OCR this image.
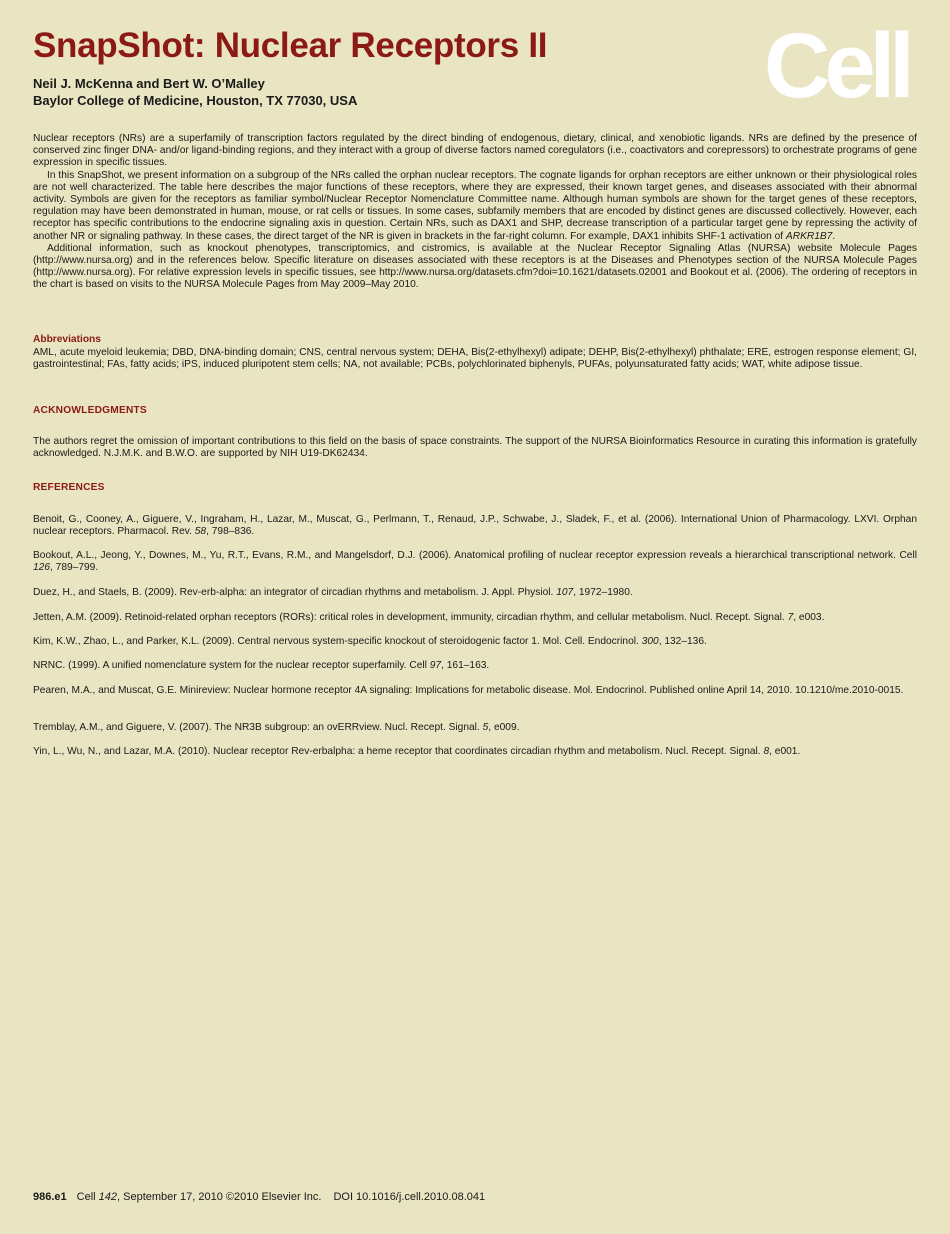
SnapShot: Nuclear Receptors II
Neil J. McKenna and Bert W. O’Malley
Baylor College of Medicine, Houston, TX 77030, USA	Cell

Nuclear receptors (NRs) are a superfamily of transcription factors regulated by the direct binding of endogenous, dietary, clinical, and xenobiotic ligands. NRs are defined by the presence of conserved zinc finger DNA- and/or ligand-binding regions, and they interact with a group of diverse factors named coregulators (i.e., coactivators and corepressors) to orchestrate programs of gene expression in specific tissues.

In this SnapShot, we present information on a subgroup of the NRs called the orphan nuclear receptors. The cognate ligands for orphan receptors are either unknown or their physiological roles are not well characterized. The table here describes the major functions of these receptors, where they are expressed, their known target genes, and diseases associated with their abnormal activity. Symbols are given for the receptors as familiar symbol/Nuclear Receptor Nomenclature Committee name. Although human symbols are shown for the target genes of these receptors, regulation may have been demonstrated in human, mouse, or rat cells or tissues. In some cases, subfamily members that are encoded by distinct genes are discussed collectively. However, each receptor has specific contributions to the endocrine signaling axis in question. Certain NRs, such as DAX1 and SHP, decrease transcription of a particular target gene by repressing the activity of another NR or signaling pathway. In these cases, the direct target of the NR is given in brackets in the far-right column. For example, DAX1 inhibits SHF-1 activation of ARKR1B7.

Additional information, such as knockout phenotypes, transcriptomics, and cistromics, is available at the Nuclear Receptor Signaling Atlas (NURSA) website Molecule Pages (http://www.nursa.org) and in the references below. Specific literature on diseases associated with these receptors is at the Diseases and Phenotypes section of the NURSA Molecule Pages (http://www.nursa.org). For relative expression levels in specific tissues, see http://www.nursa.org/datasets.cfm?doi=10.1621/datasets.02001 and Bookout et al. (2006). The ordering of receptors in the chart is based on visits to the NURSA Molecule Pages from May 2009–May 2010.

Abbreviations

AML, acute myeloid leukemia; DBD, DNA-binding domain; CNS, central nervous system; DEHA, Bis(2-ethylhexyl) adipate; DEHP, Bis(2-ethylhexyl) phthalate; ERE, estrogen response element; GI, gastrointestinal; FAs, fatty acids; iPS, induced pluripotent stem cells; NA, not available; PCBs, polychlorinated biphenyls, PUFAs, polyunsaturated fatty acids; WAT, white adipose tissue.

ACKNOWLEDGMENTS

The authors regret the omission of important contributions to this field on the basis of space constraints. The support of the NURSA Bioinformatics Resource in curating this information is gratefully acknowledged. N.J.M.K. and B.W.O. are supported by NIH U19-DK62434.

REFERENCES

Benoit, G., Cooney, A., Giguere, V., Ingraham, H., Lazar, M., Muscat, G., Perlmann, T., Renaud, J.P., Schwabe, J., Sladek, F., et al. (2006). International Union of Pharmacology. LXVI. Orphan nuclear receptors. Pharmacol. Rev. 58, 798–836.

Bookout, A.L., Jeong, Y., Downes, M., Yu, R.T., Evans, R.M., and Mangelsdorf, D.J. (2006). Anatomical profiling of nuclear receptor expression reveals a hierarchical transcriptional network. Cell 126, 789–799.

Duez, H., and Staels, B. (2009). Rev-erb-alpha: an integrator of circadian rhythms and metabolism. J. Appl. Physiol. 107, 1972–1980.

Jetten, A.M. (2009). Retinoid-related orphan receptors (RORs): critical roles in development, immunity, circadian rhythm, and cellular metabolism. Nucl. Recept. Signal. 7, e003.

Kim, K.W., Zhao, L., and Parker, K.L. (2009). Central nervous system-specific knockout of steroidogenic factor 1. Mol. Cell. Endocrinol. 300, 132–136.

NRNC. (1999). A unified nomenclature system for the nuclear receptor superfamily. Cell 97, 161–163.

Pearen, M.A., and Muscat, G.E. Minireview: Nuclear hormone receptor 4A signaling: Implications for metabolic disease. Mol. Endocrinol. Published online April 14, 2010. 10.1210/me.2010-0015.

Tremblay, A.M., and Giguere, V. (2007). The NR3B subgroup: an ovERRview. Nucl. Recept. Signal. 5, e009.

Yin, L., Wu, N., and Lazar, M.A. (2010). Nuclear receptor Rev-erbalpha: a heme receptor that coordinates circadian rhythm and metabolism. Nucl. Recept. Signal. 8, e001.

986.e1 Cell 142, September 17, 2010 ©2010 Elsevier Inc. DOI 10.1016/j.cell.2010.08.041
